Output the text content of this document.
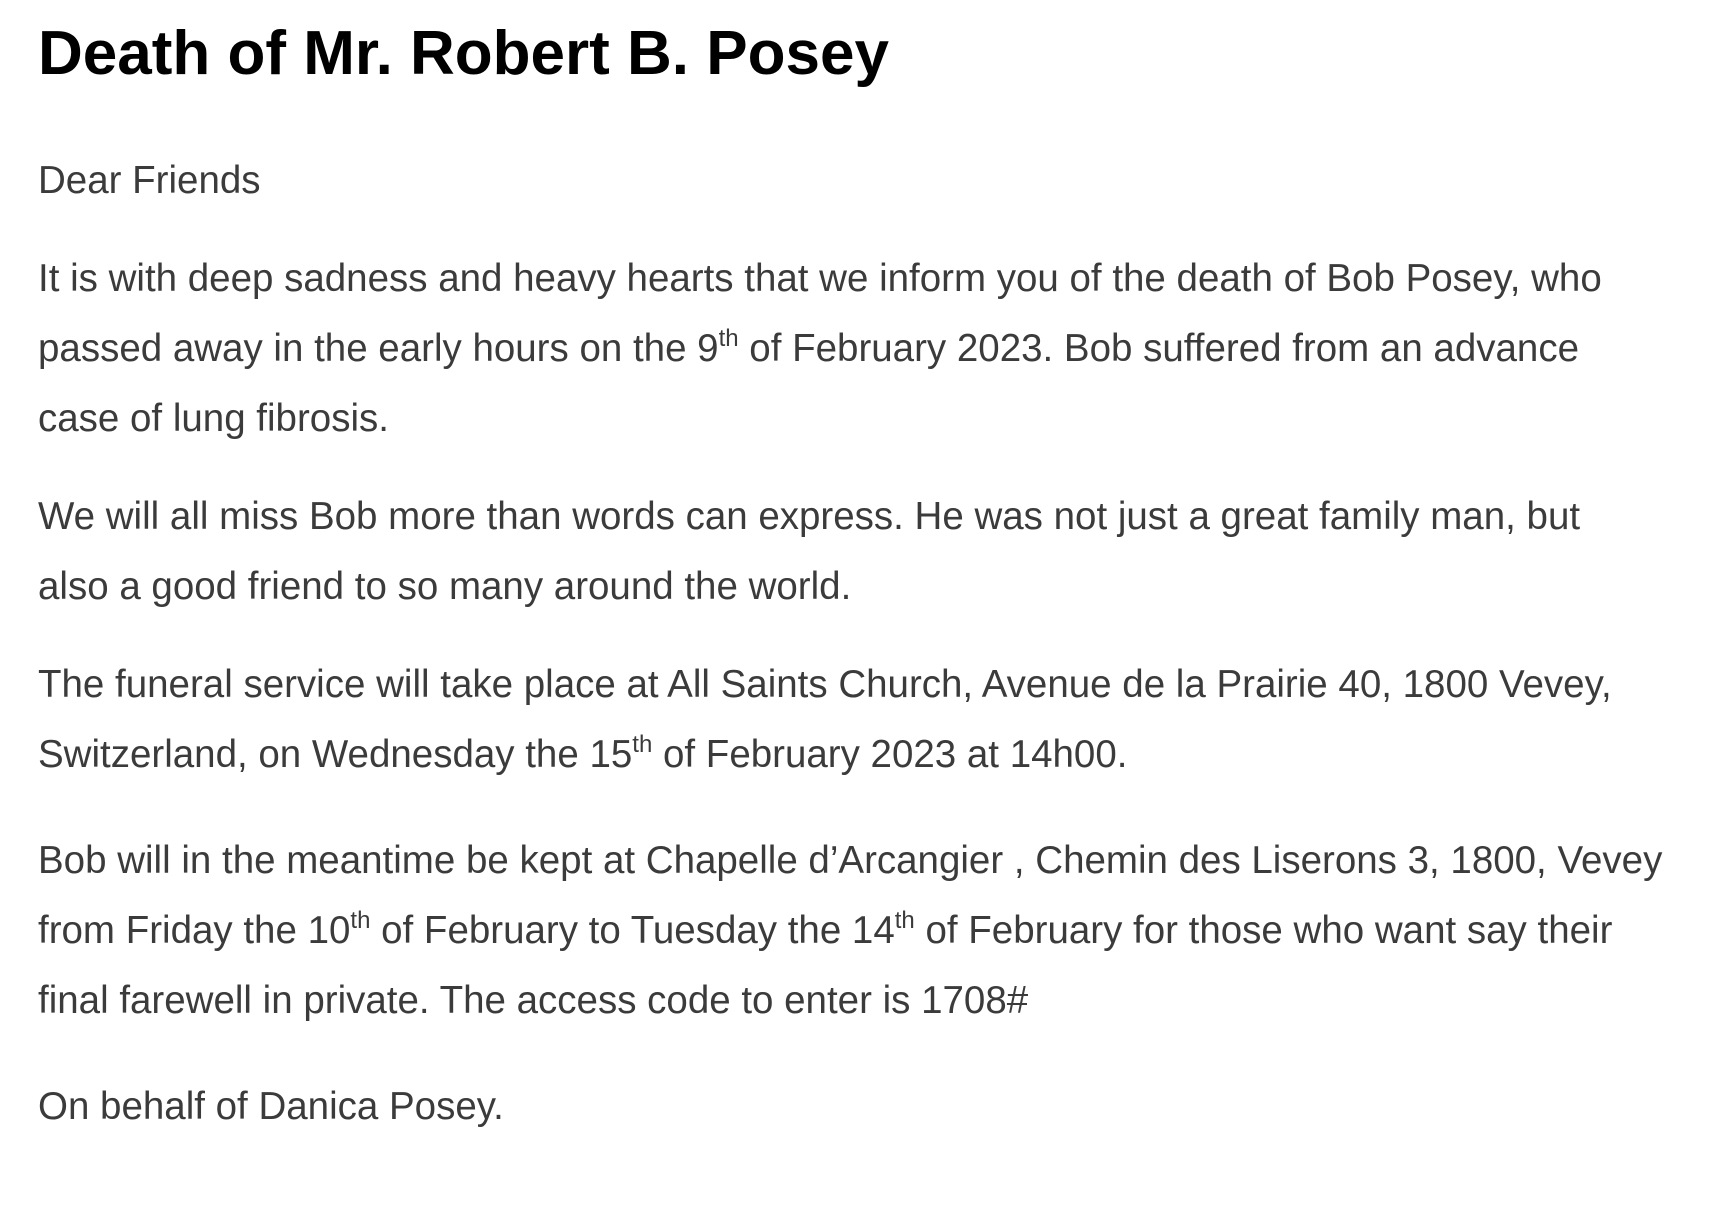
Death of Mr. Robert B. Posey

Dear Friends

It is with deep sadness and heavy hearts that we inform you of the death of Bob Posey, who
passed away in the early hours on the 9th of February 2023. Bob suffered from an advance
case of lung fibrosis.

We will all miss Bob more than words can express. He was not just a great family man, but
also a good friend to so many around the world.

The funeral service will take place at All Saints Church, Avenue de la Prairie 40, 1800 Vevey,
Switzerland, on Wednesday the 15th of February 2023 at 14h00.

Bob will in the meantime be kept at Chapelle d’Arcangier , Chemin des Liserons 3, 1800, Vevey
from Friday the 10th of February to Tuesday the 14th of February for those who want say their
final farewell in private. The access code to enter is 1708#

On behalf of Danica Posey.
